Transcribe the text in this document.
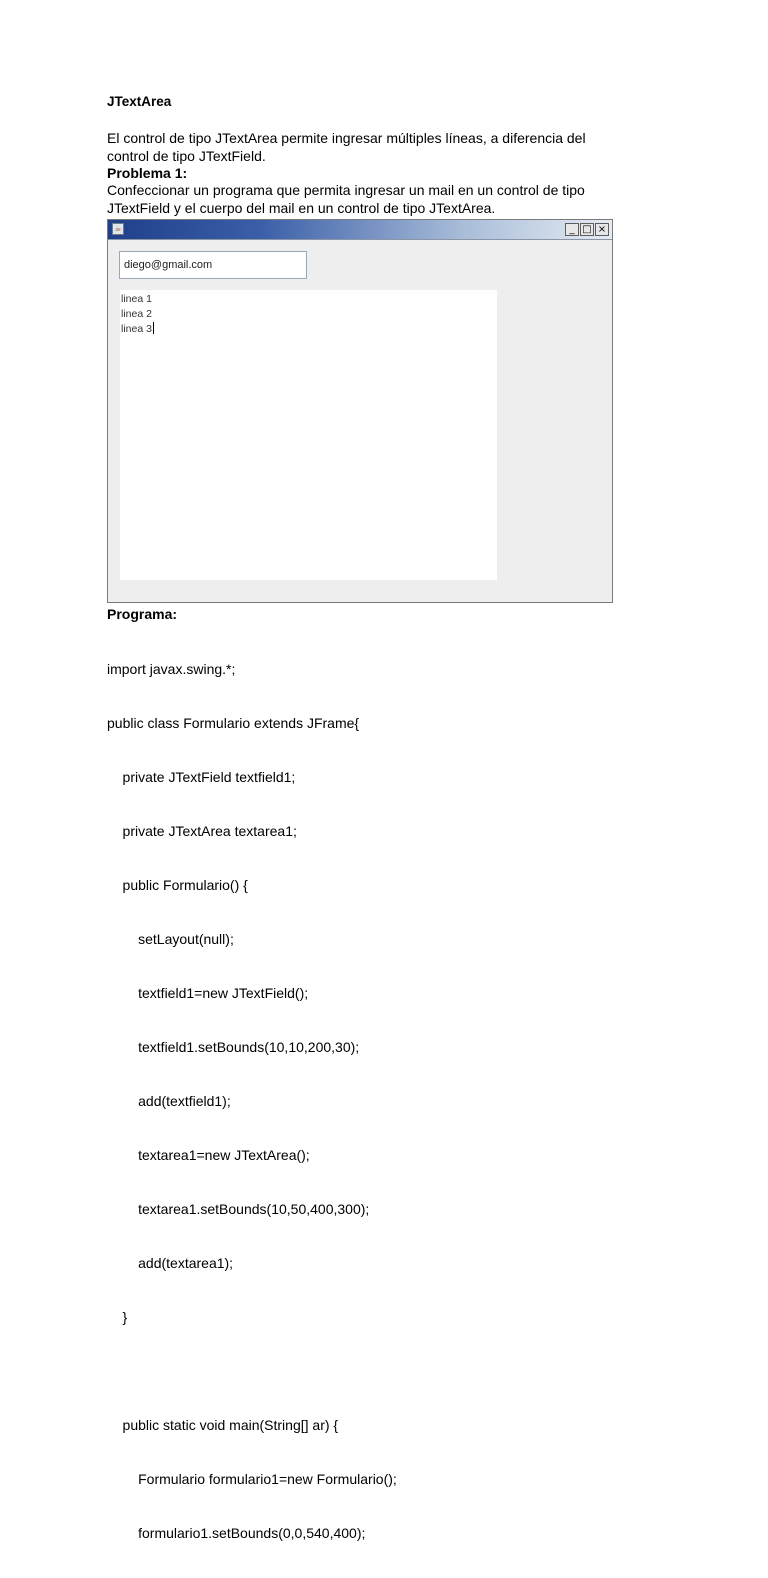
JTextArea
El control de tipo JTextArea permite ingresar múltiples líneas, a diferencia del
control de tipo JTextField.
Problema 1:
Confeccionar un programa que permita ingresar un mail en un control de tipo
JTextField y el cuerpo del mail en un control de tipo JTextArea.
☕	_ □ ×
diego@gmail.com
linea 1
linea 2
linea 3
Programa:

import javax.swing.*;

public class Formulario extends JFrame{

private JTextField textfield1;

private JTextArea textarea1;

public Formulario() {

setLayout(null);

textfield1=new JTextField();

textfield1.setBounds(10,10,200,30);

add(textfield1);

textarea1=new JTextArea();

textarea1.setBounds(10,50,400,300);

add(textarea1);

}

public static void main(String[] ar) {

Formulario formulario1=new Formulario();

formulario1.setBounds(0,0,540,400);
